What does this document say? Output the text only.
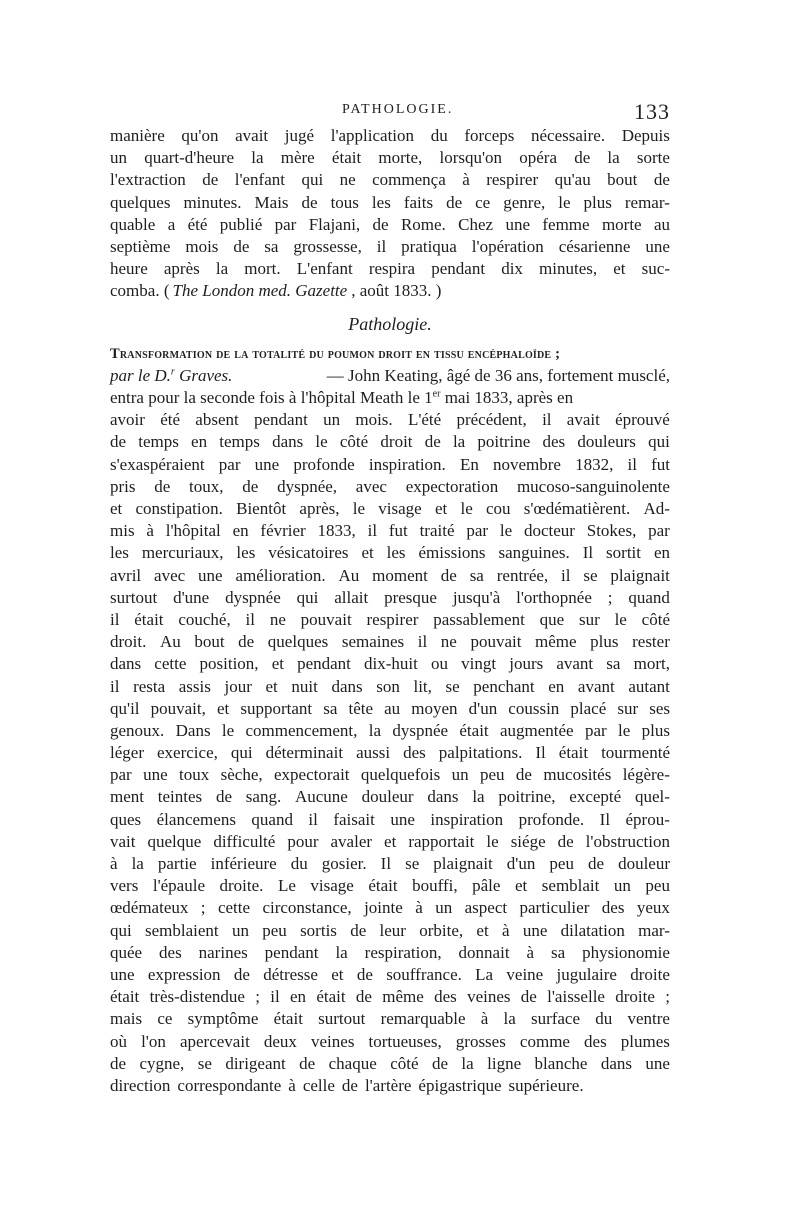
PATHOLOGIE.	133
manière qu'on avait jugé l'application du forceps nécessaire. Depuis
un quart-d'heure la mère était morte, lorsqu'on opéra de la sorte
l'extraction de l'enfant qui ne commença à respirer qu'au bout de
quelques minutes. Mais de tous les faits de ce genre, le plus remar-
quable a été publié par Flajani, de Rome. Chez une femme morte au
septième mois de sa grossesse, il pratiqua l'opération césarienne une
heure après la mort. L'enfant respira pendant dix minutes, et suc-
comba. ( The London med. Gazette , août 1833. )
Pathologie.
Transformation de la totalité du poumon droit en tissu encéphaloïde ;
par le D.$^r$ Graves.	— John Keating, âgé de 36 ans, fortement musclé,
entra pour la seconde fois à l'hôpital Meath le 1er mai 1833, après en
avoir été absent pendant un mois. L'été précédent, il avait éprouvé
de temps en temps dans le côté droit de la poitrine des douleurs qui
s'exaspéraient par une profonde inspiration. En novembre 1832, il fut
pris de toux, de dyspnée, avec expectoration mucoso-sanguinolente
et constipation. Bientôt après, le visage et le cou s'œdématièrent. Ad-
mis à l'hôpital en février 1833, il fut traité par le docteur Stokes, par
les mercuriaux, les vésicatoires et les émissions sanguines. Il sortit en
avril avec une amélioration. Au moment de sa rentrée, il se plaignait
surtout d'une dyspnée qui allait presque jusqu'à l'orthopnée ; quand
il était couché, il ne pouvait respirer passablement que sur le côté
droit. Au bout de quelques semaines il ne pouvait même plus rester
dans cette position, et pendant dix-huit ou vingt jours avant sa mort,
il resta assis jour et nuit dans son lit, se penchant en avant autant
qu'il pouvait, et supportant sa tête au moyen d'un coussin placé sur ses
genoux. Dans le commencement, la dyspnée était augmentée par le plus
léger exercice, qui déterminait aussi des palpitations. Il était tourmenté
par une toux sèche, expectorait quelquefois un peu de mucosités légère-
ment teintes de sang. Aucune douleur dans la poitrine, excepté quel-
ques élancemens quand il faisait une inspiration profonde. Il éprou-
vait quelque difficulté pour avaler et rapportait le siége de l'obstruction
à la partie inférieure du gosier. Il se plaignait d'un peu de douleur
vers l'épaule droite. Le visage était bouffi, pâle et semblait un peu
œdémateux ; cette circonstance, jointe à un aspect particulier des yeux
qui semblaient un peu sortis de leur orbite, et à une dilatation mar-
quée des narines pendant la respiration, donnait à sa physionomie
une expression de détresse et de souffrance. La veine jugulaire droite
était très-distendue ; il en était de même des veines de l'aisselle droite ;
mais ce symptôme était surtout remarquable à la surface du ventre
où l'on apercevait deux veines tortueuses, grosses comme des plumes
de cygne, se dirigeant de chaque côté de la ligne blanche dans une
direction correspondante à celle de l'artère épigastrique supérieure.
